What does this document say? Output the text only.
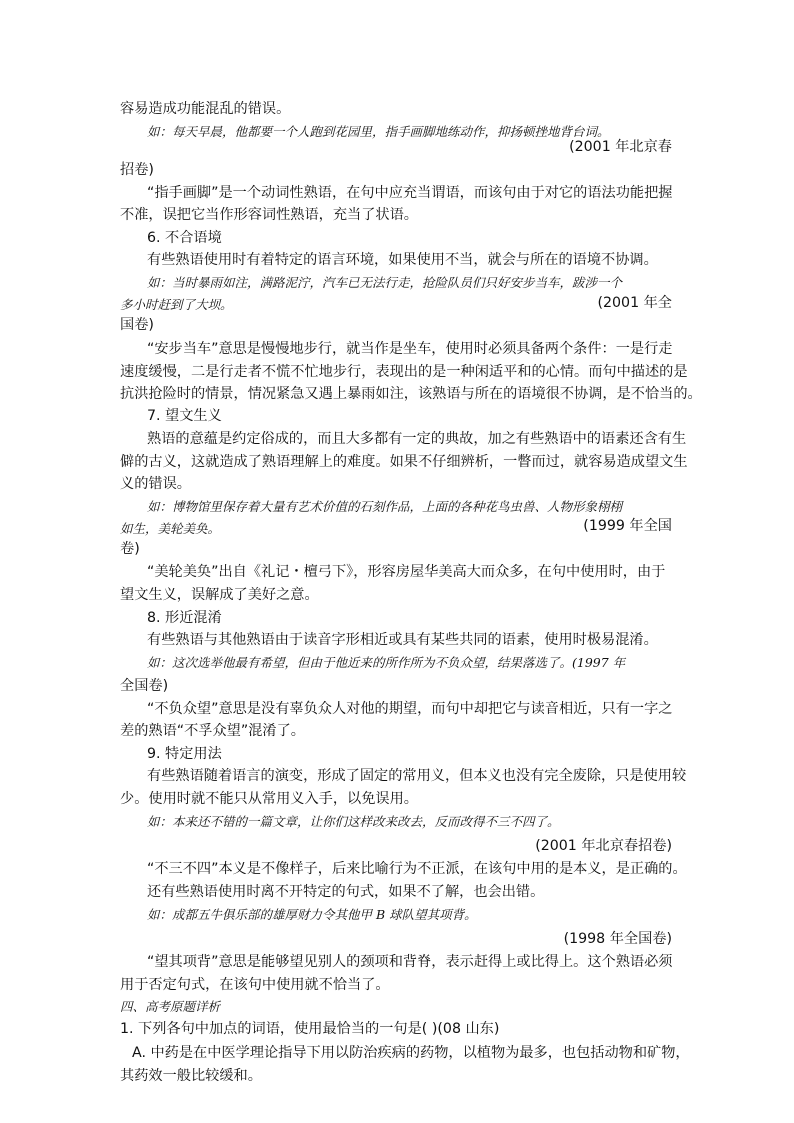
容易造成功能混乱的错误。
如：每天早晨，他都要一个人跑到花园里，指手画脚地练动作，抑扬顿挫地背台词。
(2001 年北京春
招卷)
“指手画脚”是一个动词性熟语，在句中应充当谓语，而该句由于对它的语法功能把握
不准，误把它当作形容词性熟语，充当了状语。
6. 不合语境
有些熟语使用时有着特定的语言环境，如果使用不当，就会与所在的语境不协调。
如：当时暴雨如注，满路泥泞，汽车已无法行走，抢险队员们只好安步当车，跋涉一个
多小时赶到了大坝。	(2001 年全
国卷)
“安步当车”意思是慢慢地步行，就当作是坐车，使用时必须具备两个条件：一是行走
速度缓慢，二是行走者不慌不忙地步行，表现出的是一种闲适平和的心情。而句中描述的是
抗洪抢险时的情景，情况紧急又遇上暴雨如注，该熟语与所在的语境很不协调，是不恰当的。
7. 望文生义
熟语的意蕴是约定俗成的，而且大多都有一定的典故，加之有些熟语中的语素还含有生
僻的古义，这就造成了熟语理解上的难度。如果不仔细辨析，一瞥而过，就容易造成望文生
义的错误。
如：博物馆里保存着大量有艺术价值的石刻作品，上面的各种花鸟虫兽、人物形象栩栩
如生，美轮美奂。	(1999 年全国
卷)
“美轮美奂”出自《礼记・檀弓下》，形容房屋华美高大而众多，在句中使用时，由于
望文生义，误解成了美好之意。
8. 形近混淆
有些熟语与其他熟语由于读音字形相近或具有某些共同的语素，使用时极易混淆。
如：这次选举他最有希望，但由于他近来的所作所为不负众望，结果落选了。(1997 年
全国卷)
“不负众望”意思是没有辜负众人对他的期望，而句中却把它与读音相近，只有一字之
差的熟语“不孚众望”混淆了。
9. 特定用法
有些熟语随着语言的演变，形成了固定的常用义，但本义也没有完全废除，只是使用较
少。使用时就不能只从常用义入手，以免误用。
如：本来还不错的一篇文章，让你们这样改来改去，反而改得不三不四了。
(2001 年北京春招卷)
“不三不四”本义是不像样子，后来比喻行为不正派，在该句中用的是本义，是正确的。
还有些熟语使用时离不开特定的句式，如果不了解，也会出错。
如：成都五牛俱乐部的雄厚财力令其他甲 B 球队望其项背。
(1998 年全国卷)
“望其项背”意思是能够望见别人的颈项和背脊，表示赶得上或比得上。这个熟语必须
用于否定句式，在该句中使用就不恰当了。
四、高考原题详析
1. 下列各句中加点的词语，使用最恰当的一句是( )(08 山东)
A. 中药是在中医学理论指导下用以防治疾病的药物，以植物为最多，也包括动物和矿物，
其药效一般比较缓和。
